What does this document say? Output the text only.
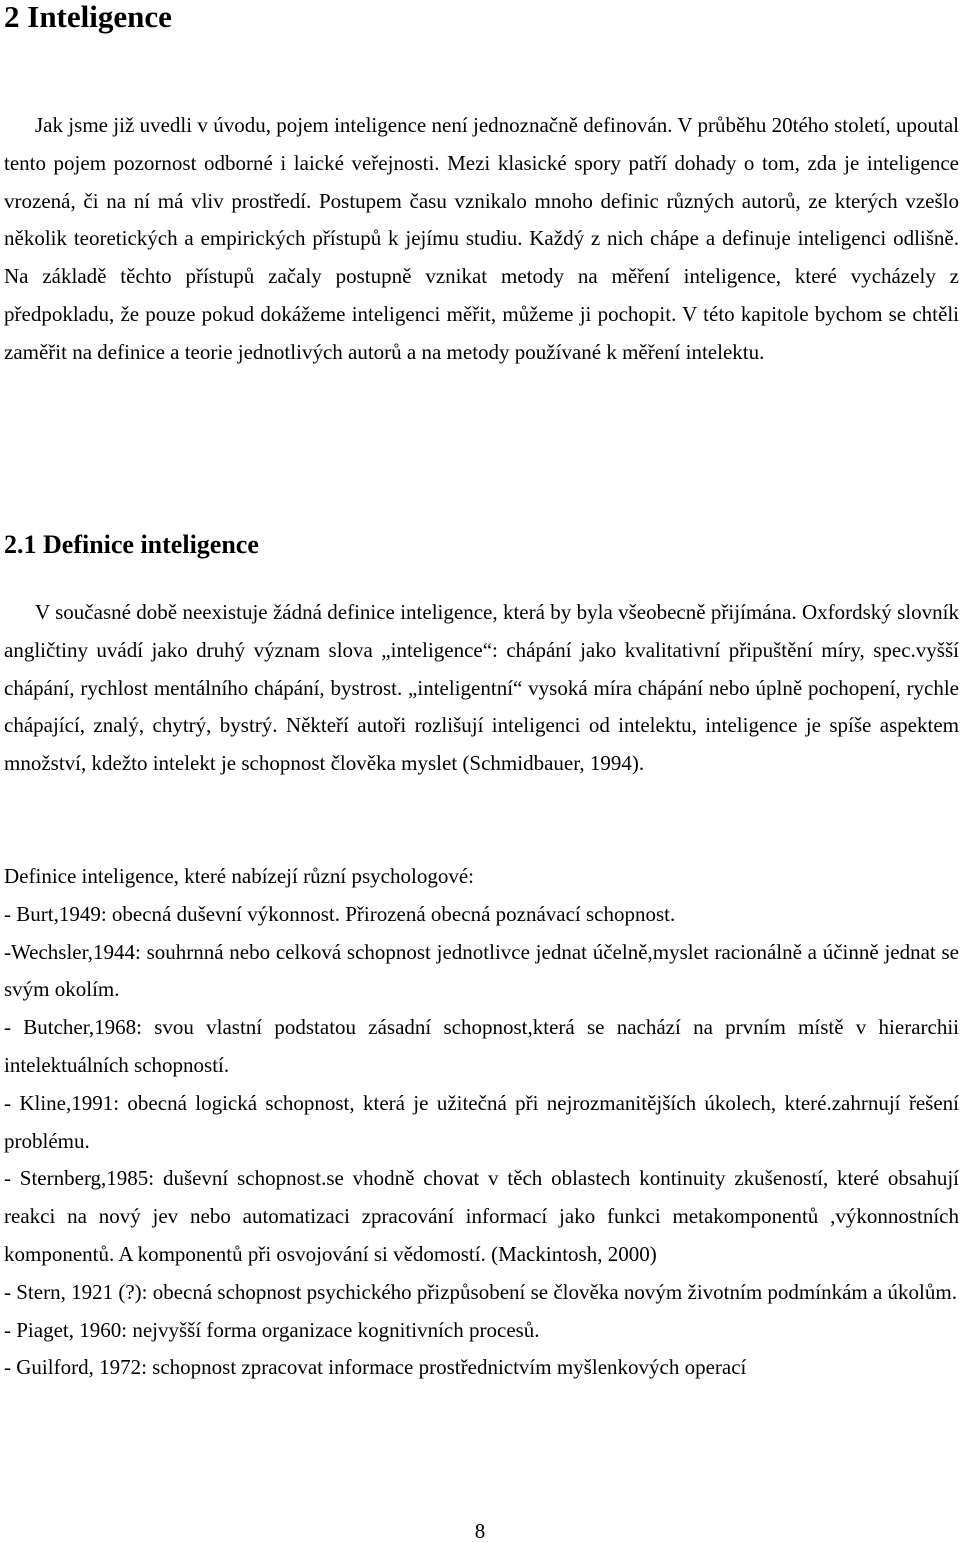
2 Inteligence

Jak jsme již uvedli v úvodu, pojem inteligence není jednoznačně definován. V průběhu 20tého století, upoutal tento pojem pozornost odborné i laické veřejnosti. Mezi klasické spory patří dohady o tom, zda je inteligence vrozená, či na ní má vliv prostředí. Postupem času vznikalo mnoho definic různých autorů, ze kterých vzešlo několik teoretických a empirických přístupů k jejímu studiu. Každý z nich chápe a definuje inteligenci odlišně. Na základě těchto přístupů začaly postupně vznikat metody na měření inteligence, které vycházely z předpokladu, že pouze pokud dokážeme inteligenci měřit, můžeme ji pochopit. V této kapitole bychom se chtěli zaměřit na definice a teorie jednotlivých autorů a na metody používané k měření intelektu.

2.1 Definice inteligence

V současné době neexistuje žádná definice inteligence, která by byla všeobecně přijímána. Oxfordský slovník angličtiny uvádí jako druhý význam slova „inteligence“: chápání jako kvalitativní připuštění míry, spec.vyšší chápání, rychlost mentálního chápání, bystrost. „inteligentní“ vysoká míra chápání nebo úplně pochopení, rychle chápající, znalý, chytrý, bystrý. Někteří autoři rozlišují inteligenci od intelektu, inteligence je spíše aspektem množství, kdežto intelekt je schopnost člověka myslet (Schmidbauer, 1994).

Definice inteligence, které nabízejí různí psychologové:

- Burt,1949: obecná duševní výkonnost. Přirozená obecná poznávací schopnost.

-Wechsler,1944: souhrnná nebo celková schopnost jednotlivce jednat účelně,myslet racionálně a účinně jednat se svým okolím.

- Butcher,1968: svou vlastní podstatou zásadní schopnost,která se nachází na prvním místě v hierarchii intelektuálních schopností.

- Kline,1991: obecná logická schopnost, která je užitečná při nejrozmanitějších úkolech, které.zahrnují řešení problému.

- Sternberg,1985: duševní schopnost.se vhodně chovat v těch oblastech kontinuity zkušeností, které obsahují reakci na nový jev nebo automatizaci zpracování informací jako funkci metakomponentů ,výkonnostních komponentů. A komponentů při osvojování si vědomostí. (Mackintosh, 2000)

- Stern, 1921 (?): obecná schopnost psychického přizpůsobení se člověka novým životním podmínkám a úkolům.

- Piaget, 1960: nejvyšší forma organizace kognitivních procesů.

- Guilford, 1972: schopnost zpracovat informace prostřednictvím myšlenkových operací

8
